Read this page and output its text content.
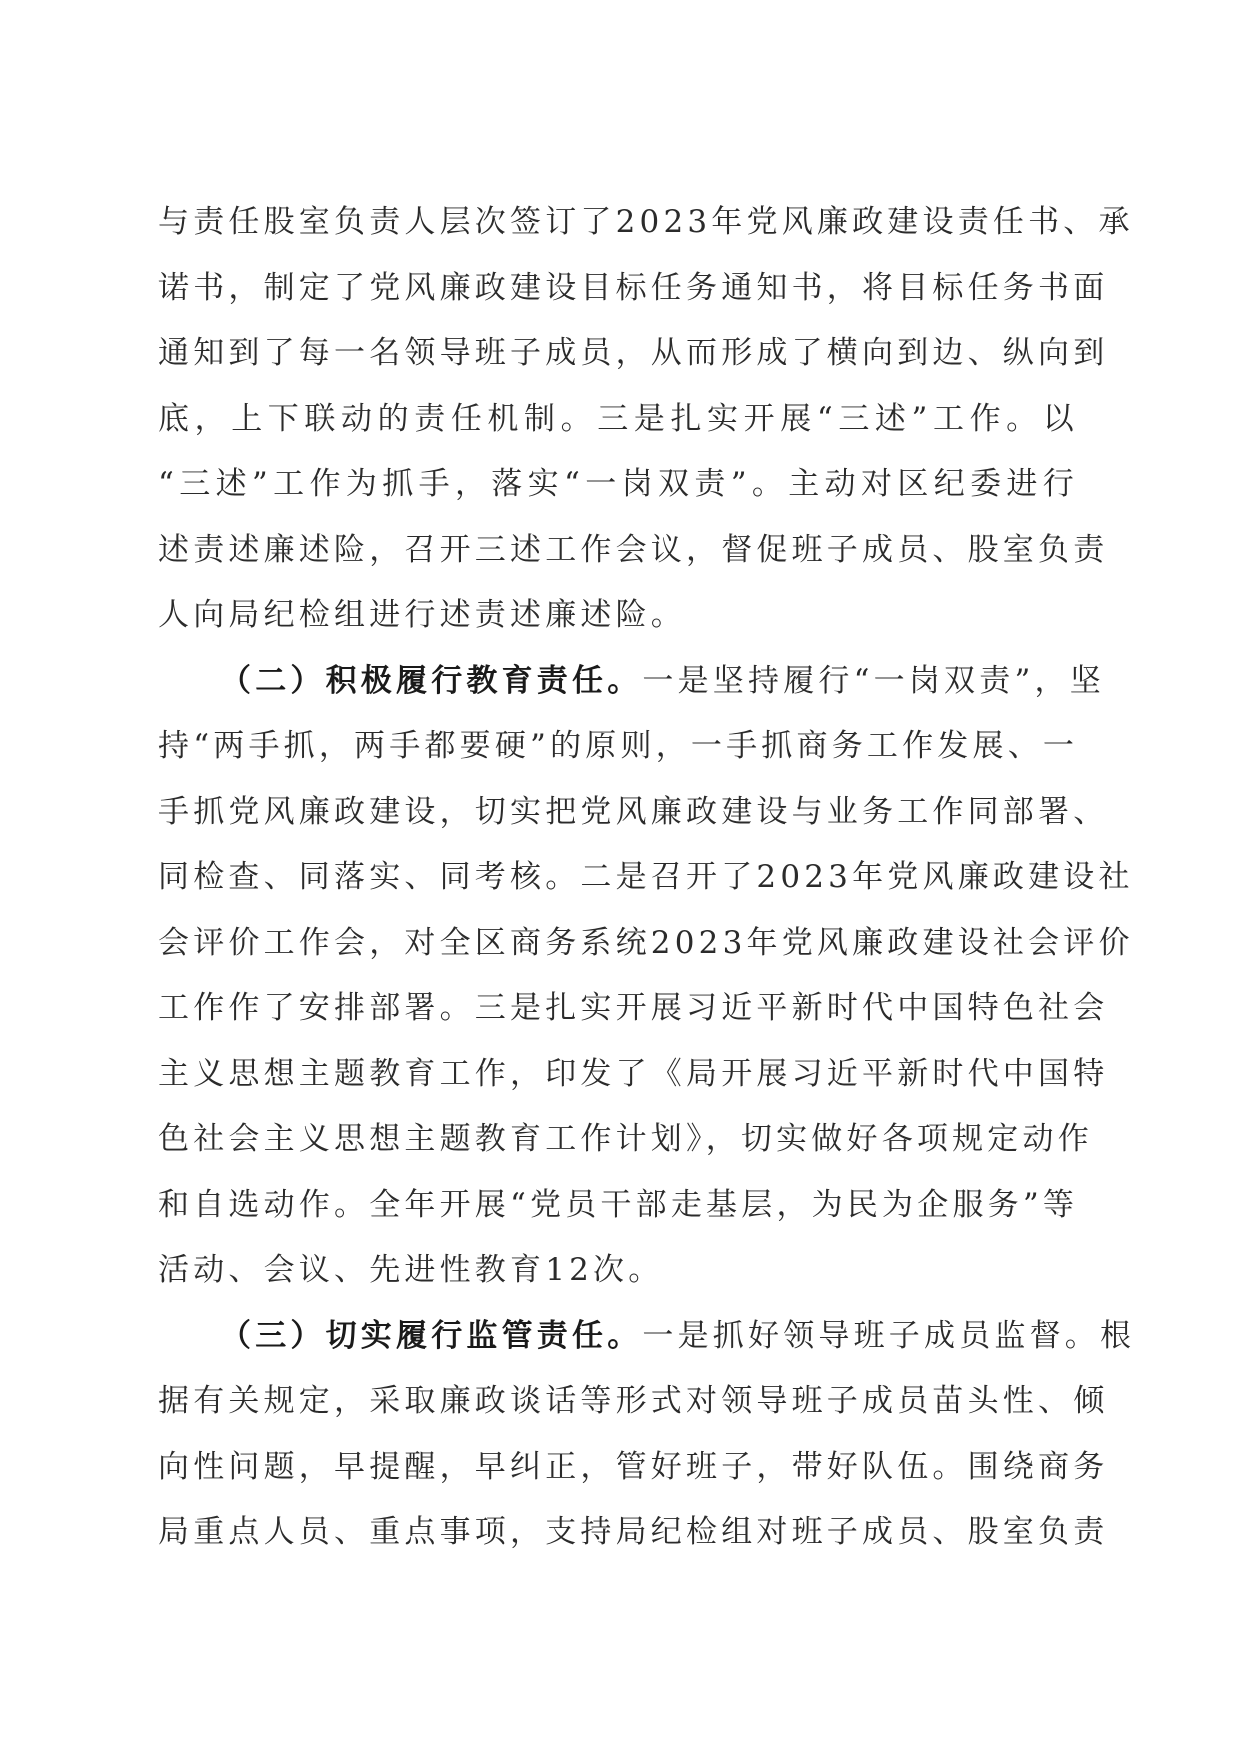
与责任股室负责人层次签订了2023年党风廉政建设责任书、承
诺书，制定了党风廉政建设目标任务通知书，将目标任务书面
通知到了每一名领导班子成员，从而形成了横向到边、纵向到
底，上下联动的责任机制。三是扎实开展“三述”工作。以
“三述”工作为抓手，落实“一岗双责”。主动对区纪委进行
述责述廉述险，召开三述工作会议，督促班子成员、股室负责
人向局纪检组进行述责述廉述险。
（二）积极履行教育责任。一是坚持履行“一岗双责”，坚
持“两手抓，两手都要硬”的原则，一手抓商务工作发展、一
手抓党风廉政建设，切实把党风廉政建设与业务工作同部署、
同检查、同落实、同考核。二是召开了2023年党风廉政建设社
会评价工作会，对全区商务系统2023年党风廉政建设社会评价
工作作了安排部署。三是扎实开展习近平新时代中国特色社会
主义思想主题教育工作，印发了《局开展习近平新时代中国特
色社会主义思想主题教育工作计划》，切实做好各项规定动作
和自选动作。全年开展“党员干部走基层，为民为企服务”等
活动、会议、先进性教育12次。
（三）切实履行监管责任。一是抓好领导班子成员监督。根
据有关规定，采取廉政谈话等形式对领导班子成员苗头性、倾
向性问题，早提醒，早纠正，管好班子，带好队伍。围绕商务
局重点人员、重点事项，支持局纪检组对班子成员、股室负责
